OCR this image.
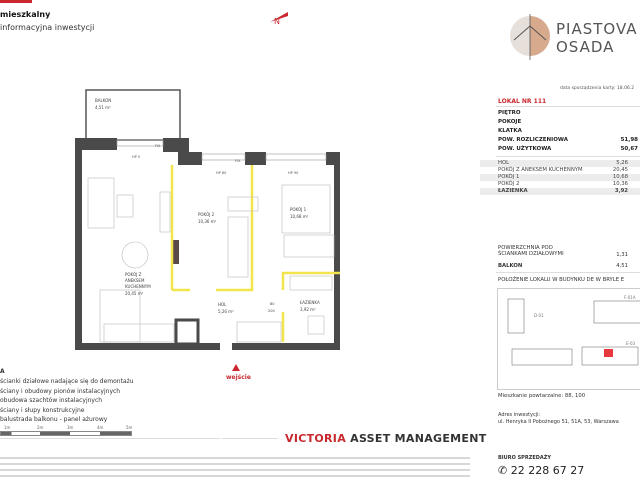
mieszkalny
informacyjna inwestycji
N	PIASTOVA
OSADA
data sporządzenia karty: 18.06.2
LOKAL NR 111
PIĘTRO
POKOJE
KLATKA
POW. ROZLICZENIOWA	51,98
POW. UŻYTKOWA	50,67
HOL	5,26
POKÓJ Z ANEKSEM KUCHENNYM	20,45
POKÓJ 1	10,68
POKÓJ 2	10,36
ŁAZIENKA	3,92
POWIERZCHNIA POD
ŚCIANKAMI DZIAŁOWYMI	1,31
BALKON	4,51
POŁOŻENIE LOKALU W BUDYNKU DE W BRYLE E
D-01
F-01A
E-03
Mieszkanie powtarzalne: 88, 100
Adres inwestycji:
ul. Henryka II Pobożnego 51, 51A, 53, Warszawa
BIURO SPRZEDAŻY
✆ 22 228 67 27
BALKON
4,51 m²
HP 0
FIX
HP 80
FIX
HP 90
POKÓJ 2
10,36 m²
POKÓJ 1
10,68 m²
POKÓJ Z
ANEKSEM
KUCHENNYM
20,45 m²
HOL
5,26 m²
ŁAZIENKA
3,92 m²
80
200
wejście
A
ścianki działowe nadające się do demontażu
ściany i obudowy pionów instalacyjnych
obudowa szachtów instalacyjnych
ściany i słupy konstrukcyjne
balustrada balkonu - panel ażurowy
1m	2m	3m	4m	5m
VICTORIA ASSET MANAGEMENT
